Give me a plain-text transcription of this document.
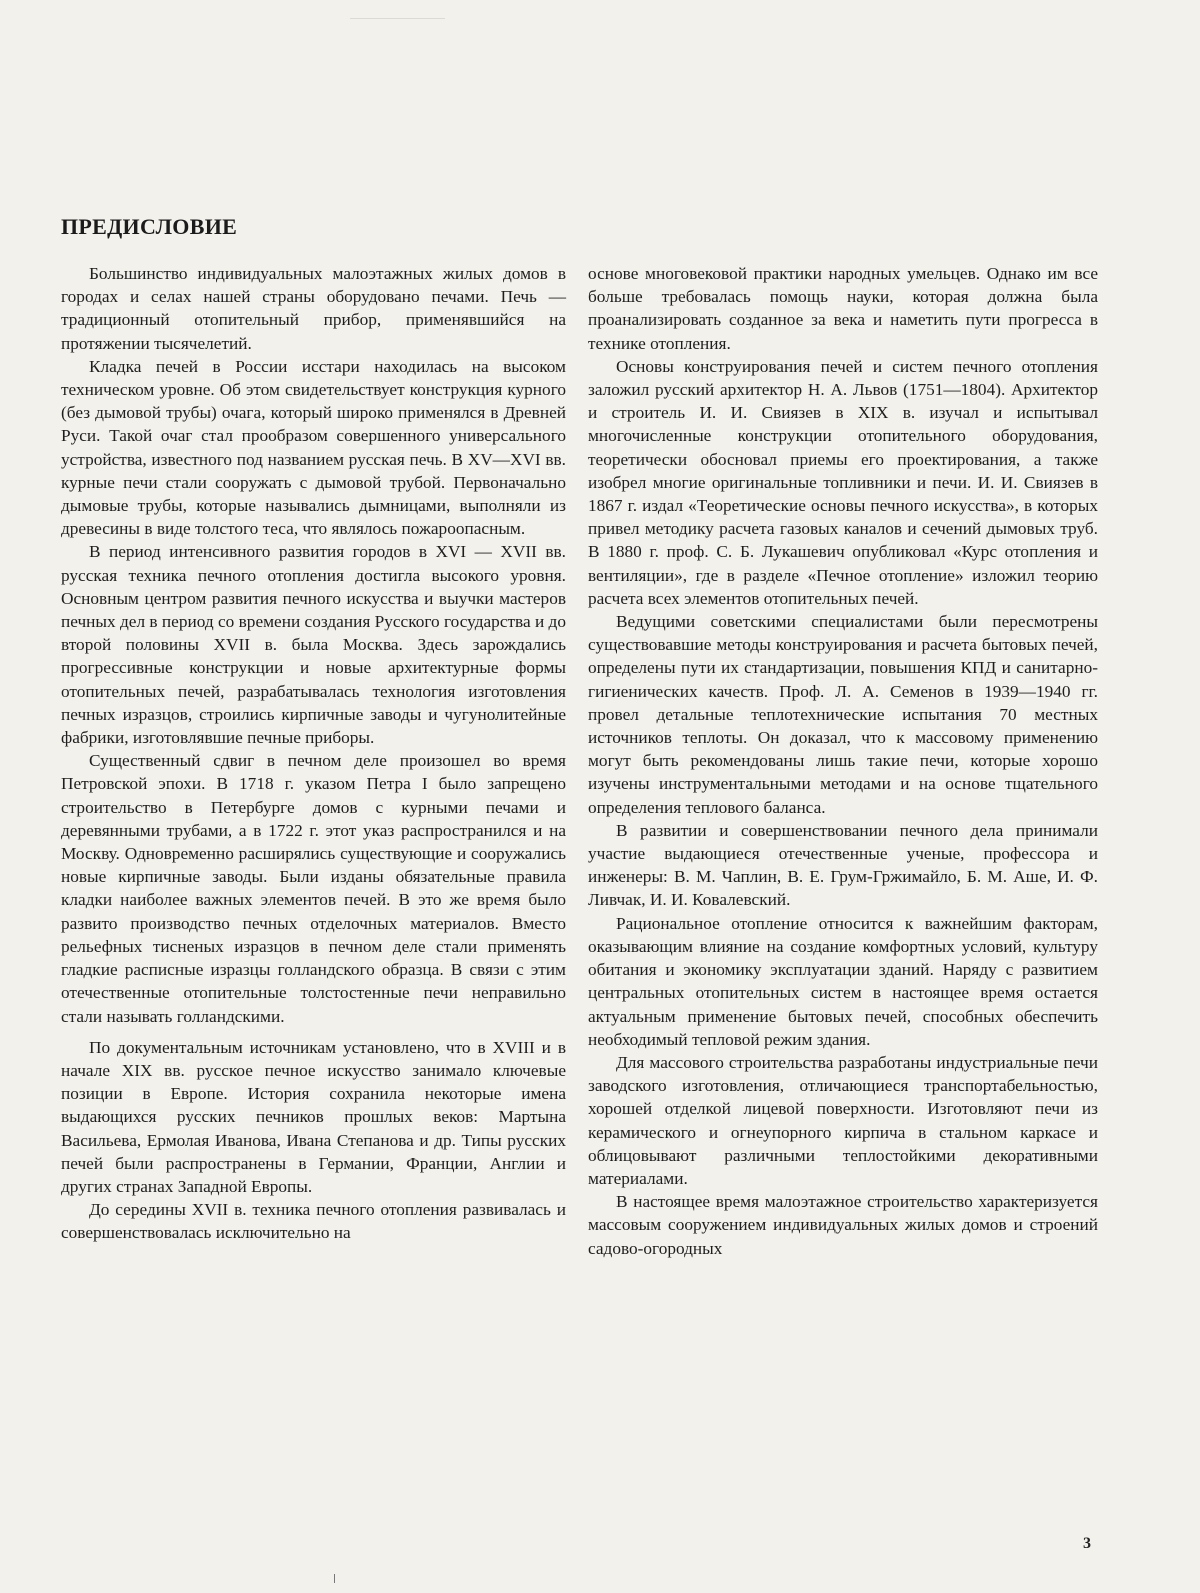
ПРЕДИСЛОВИЕ

Большинство индивидуальных малоэтажных жилых домов в городах и селах нашей страны оборудовано печами. Печь — традиционный отопительный прибор, применявшийся на протяжении тысячелетий.

Кладка печей в России исстари находилась на высоком техническом уровне. Об этом свидетельствует конструкция курного (без дымовой трубы) очага, который широко применялся в Древней Руси. Такой очаг стал прообразом совершенного универсального устройства, известного под названием русская печь. В XV—XVI вв. курные печи стали сооружать с дымовой трубой. Первоначально дымовые трубы, которые назывались дымницами, выполняли из древесины в виде толстого теса, что являлось пожароопасным.

В период интенсивного развития городов в XVI — XVII вв. русская техника печного отопления достигла высокого уровня. Основным центром развития печного искусства и выучки мастеров печных дел в период со времени создания Русского государства и до второй половины XVII в. была Москва. Здесь зарождались прогрессивные конструкции и новые архитектурные формы отопительных печей, разрабатывалась технология изготовления печных изразцов, строились кирпичные заводы и чугунолитейные фабрики, изготовлявшие печные приборы.

Существенный сдвиг в печном деле произошел во время Петровской эпохи. В 1718 г. указом Петра I было запрещено строительство в Петербурге домов с курными печами и деревянными трубами, а в 1722 г. этот указ распространился и на Москву. Одновременно расширялись существующие и сооружались новые кирпичные заводы. Были изданы обязательные правила кладки наиболее важных элементов печей. В это же время было развито производство печных отделочных материалов. Вместо рельефных тисненых изразцов в печном деле стали применять гладкие расписные изразцы голландского образца. В связи с этим отечественные отопительные толстостенные печи неправильно стали называть голландскими.

По документальным источникам установлено, что в XVIII и в начале XIX вв. русское печное искусство занимало ключевые позиции в Европе. История сохранила некоторые имена выдающихся русских печников прошлых веков: Мартына Васильева, Ермолая Иванова, Ивана Степанова и др. Типы русских печей были распространены в Германии, Франции, Англии и других странах Западной Европы.

До середины XVII в. техника печного отопления развивалась и совершенствовалась исключительно на

основе многовековой практики народных умельцев. Однако им все больше требовалась помощь науки, которая должна была проанализировать созданное за века и наметить пути прогресса в технике отопления.

Основы конструирования печей и систем печного отопления заложил русский архитектор Н. А. Львов (1751—1804). Архитектор и строитель И. И. Свиязев в XIX в. изучал и испытывал многочисленные конструкции отопительного оборудования, теоретически обосновал приемы его проектирования, а также изобрел многие оригинальные топливники и печи. И. И. Свиязев в 1867 г. издал «Теоретические основы печного искусства», в которых привел методику расчета газовых каналов и сечений дымовых труб. В 1880 г. проф. С. Б. Лукашевич опубликовал «Курс отопления и вентиляции», где в разделе «Печное отопление» изложил теорию расчета всех элементов отопительных печей.

Ведущими советскими специалистами были пересмотрены существовавшие методы конструирования и расчета бытовых печей, определены пути их стандартизации, повышения КПД и санитарно-гигиенических качеств. Проф. Л. А. Семенов в 1939—1940 гг. провел детальные теплотехнические испытания 70 местных источников теплоты. Он доказал, что к массовому применению могут быть рекомендованы лишь такие печи, которые хорошо изучены инструментальными методами и на основе тщательного определения теплового баланса.

В развитии и совершенствовании печного дела принимали участие выдающиеся отечественные ученые, профессора и инженеры: В. М. Чаплин, В. Е. Грум-Гржимайло, Б. М. Аше, И. Ф. Ливчак, И. И. Ковалевский.

Рациональное отопление относится к важнейшим факторам, оказывающим влияние на создание комфортных условий, культуру обитания и экономику эксплуатации зданий. Наряду с развитием центральных отопительных систем в настоящее время остается актуальным применение бытовых печей, способных обеспечить необходимый тепловой режим здания.

Для массового строительства разработаны индустриальные печи заводского изготовления, отличающиеся транспортабельностью, хорошей отделкой лицевой поверхности. Изготовляют печи из керамического и огнеупорного кирпича в стальном каркасе и облицовывают различными теплостойкими декоративными материалами.

В настоящее время малоэтажное строительство характеризуется массовым сооружением индивидуальных жилых домов и строений садово-огородных

3
